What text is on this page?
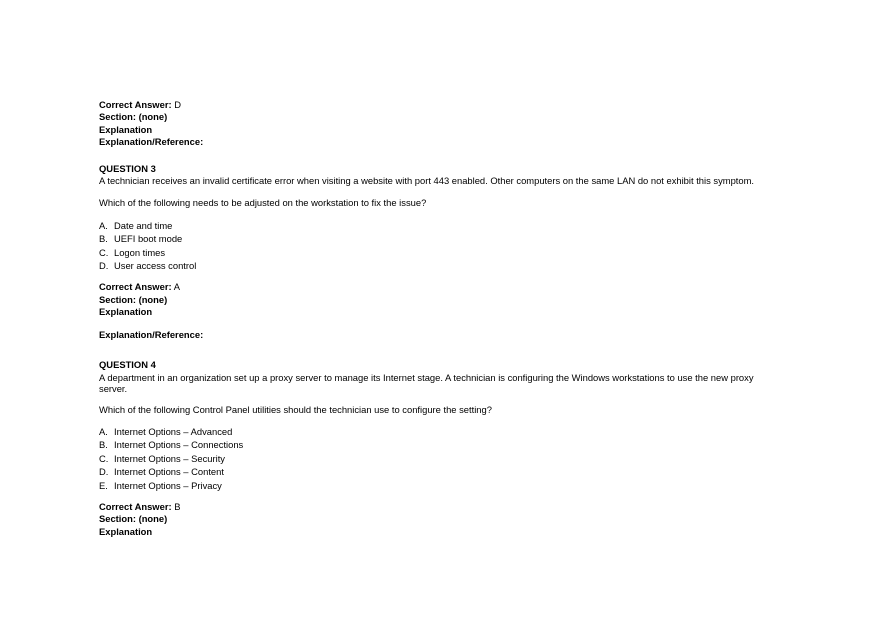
Correct Answer: D
Section: (none)
Explanation
Explanation/Reference:
QUESTION 3
A technician receives an invalid certificate error when visiting a website with port 443 enabled. Other computers on the same LAN do not exhibit this symptom.
Which of the following needs to be adjusted on the workstation to fix the issue?
A. Date and time
B. UEFI boot mode
C. Logon times
D. User access control
Correct Answer: A
Section: (none)
Explanation
Explanation/Reference:
QUESTION 4
A department in an organization set up a proxy server to manage its Internet stage. A technician is configuring the Windows workstations to use the new proxy server.
Which of the following Control Panel utilities should the technician use to configure the setting?
A. Internet Options – Advanced
B. Internet Options – Connections
C. Internet Options – Security
D. Internet Options – Content
E. Internet Options – Privacy
Correct Answer: B
Section: (none)
Explanation
